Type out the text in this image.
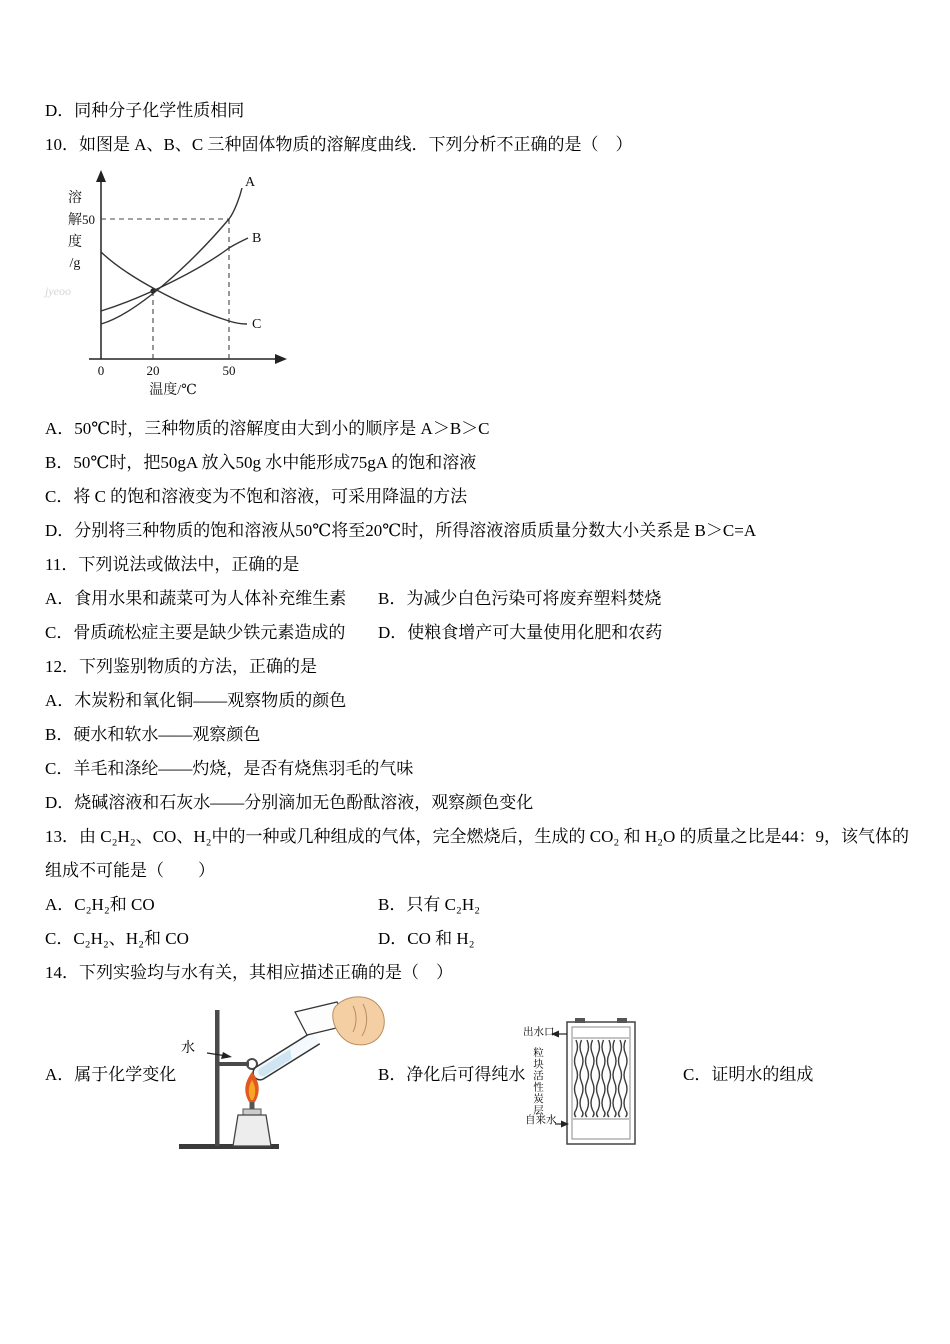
D．同种分子化学性质相同

10．如图是 A、B、C 三种固体物质的溶解度曲线．下列分析不正确的是（　）

A
B
C
溶
解
度
/g
50
0	20	50
温度/℃
jyeoo

A．50℃时，三种物质的溶解度由大到小的顺序是 A＞B＞C

B．50℃时，把50gA 放入50g 水中能形成75gA 的饱和溶液

C．将 C 的饱和溶液变为不饱和溶液，可采用降温的方法

D．分别将三种物质的饱和溶液从50℃将至20℃时，所得溶液溶质质量分数大小关系是 B＞C=A

11．下列说法或做法中，正确的是

A．食用水果和蔬菜可为人体补充维生素	B．为减少白色污染可将废弃塑料焚烧
C．骨质疏松症主要是缺少铁元素造成的	D．使粮食增产可大量使用化肥和农药

12．下列鉴别物质的方法，正确的是

A．木炭粉和氧化铜——观察物质的颜色

B．硬水和软水——观察颜色

C．羊毛和涤纶——灼烧，是否有烧焦羽毛的气味

D．烧碱溶液和石灰水——分别滴加无色酚酞溶液，观察颜色变化

13．由 C₂H₂、CO、H₂中的一种或几种组成的气体，完全燃烧后，生成的 CO₂ 和 H₂O 的质量之比是44：9，该气体的组成不可能是（　　）

A．C₂H₂和 CO	B．只有 C₂H₂
C．C₂H₂、H₂和 CO	D．CO 和 H₂

14．下列实验均与水有关，其相应描述正确的是（　）

A．属于化学变化
水
B．净化后可得纯水
出水口
粒块活性炭层
自来水
C．证明水的组成
